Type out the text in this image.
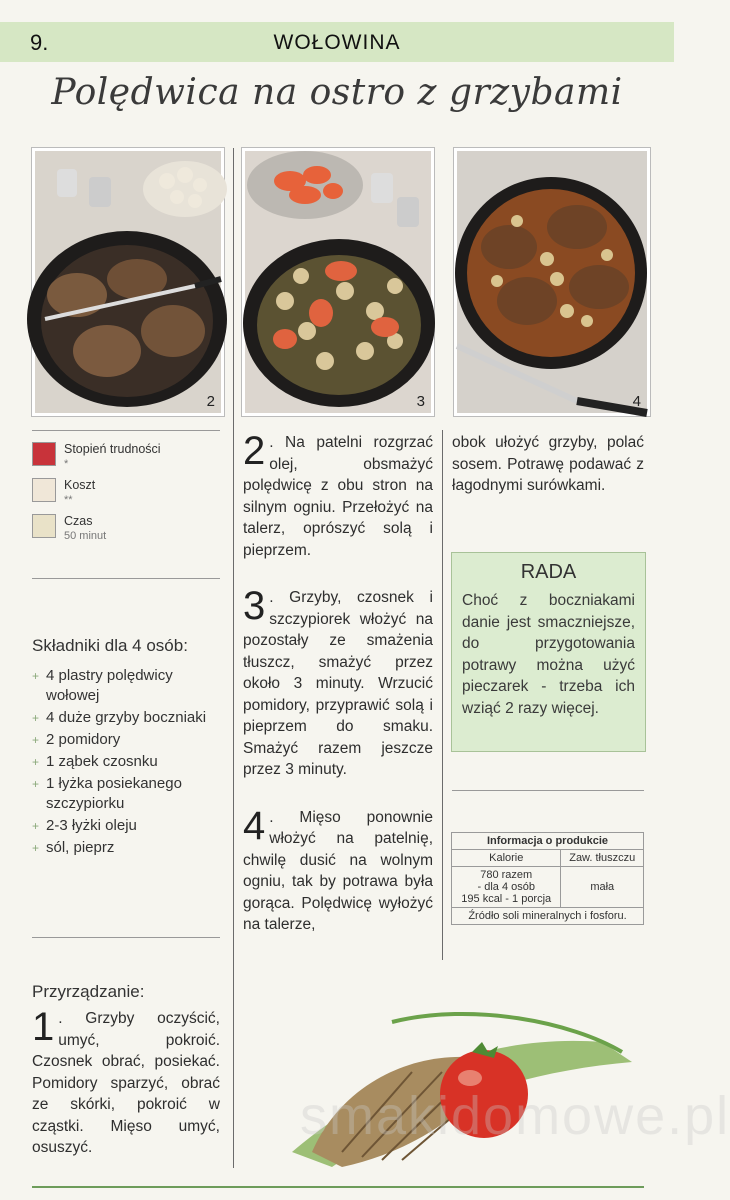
WOŁOWINA
9.
Polędwica na ostro z grzybami
2	3	4
Stopień trudności
*
Koszt
**
Czas
50 minut
Składniki dla 4 osób:
+ 4 plastry polędwicy wołowej
+ 4 duże grzyby boczniaki
+ 2 pomidory
+ 1 ząbek czosnku
+ 1 łyżka posiekanego szczypiorku
+ 2-3 łyżki oleju
+ sól, pieprz
Przyrządzanie:
1 . Grzyby oczyścić, umyć, pokroić. Czosnek obrać, posiekać. Pomidory sparzyć, obrać ze skórki, pokroić w cząstki. Mięso umyć, osuszyć.
2 . Na patelni rozgrzać olej, obsmażyć polędwicę z obu stron na silnym ogniu. Przełożyć na talerz, oprószyć solą i pieprzem.
3 . Grzyby, czosnek i szczypiorek włożyć na pozostały ze smażenia tłuszcz, smażyć przez około 3 minuty. Wrzucić pomidory, przyprawić solą i pieprzem do smaku. Smażyć razem jeszcze przez 3 minuty.
4 . Mięso ponownie włożyć na patelnię, chwilę dusić na wolnym ogniu, tak by potrawa była gorąca. Polędwicę wyłożyć na talerze,
obok ułożyć grzyby, polać sosem. Potrawę podawać z łagodnymi surówkami.
RADA
Choć z boczniakami danie jest smaczniejsze, do przygotowania potrawy można użyć pieczarek - trzeba ich wziąć 2 razy więcej.
Informacja o produkcie	
Kalorie	Zaw. tłuszczu

780 razem
- dla 4 osób
195 kcal - 1 porcja	mała
Źródło soli mineralnych i fosforu.	
smakidomowe.pl
